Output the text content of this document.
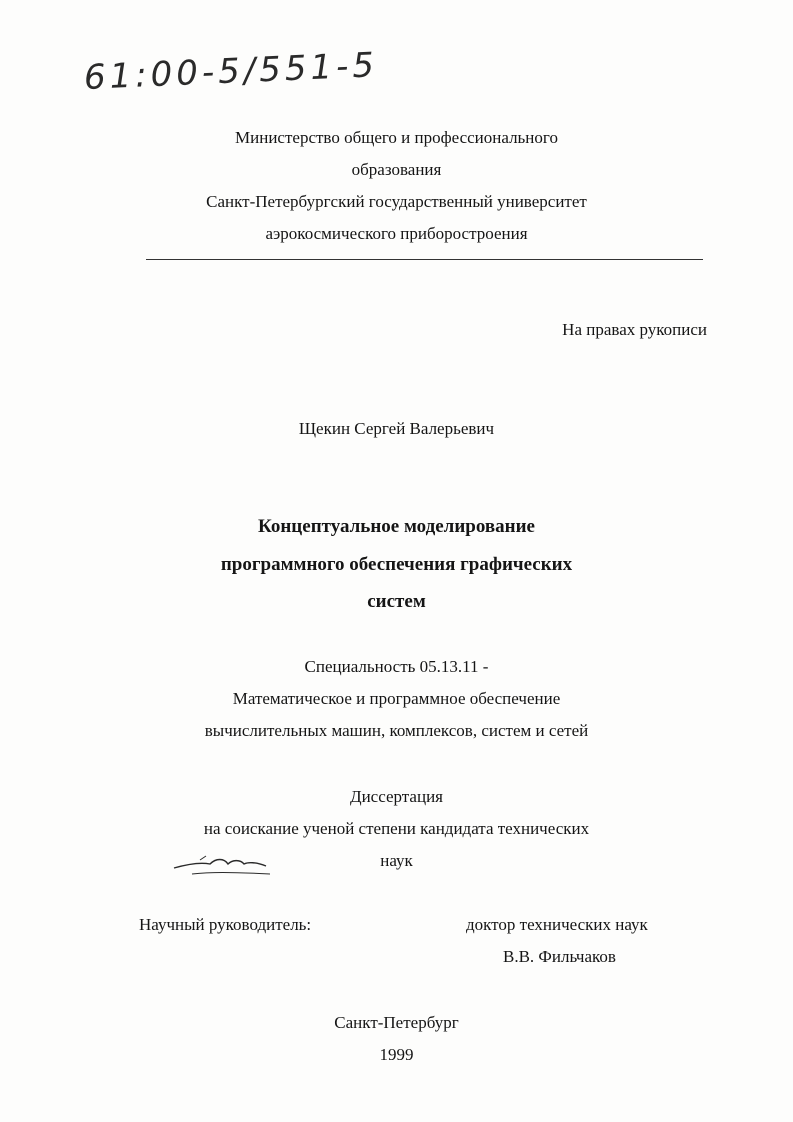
61:00-5/551-5
Министерство общего и профессионального
образования
Санкт-Петербургский государственный университет
аэрокосмического приборостроения
На правах рукописи
Щекин Сергей Валерьевич
Концептуальное моделирование
программного обеспечения графических
систем
Специальность 05.13.11 -
Математическое и программное обеспечение
вычислительных машин, комплексов, систем и сетей
Диссертация
на соискание ученой степени кандидата технических
наук
Научный руководитель:	доктор технических наук
В.В. Фильчаков
Санкт-Петербург
1999
